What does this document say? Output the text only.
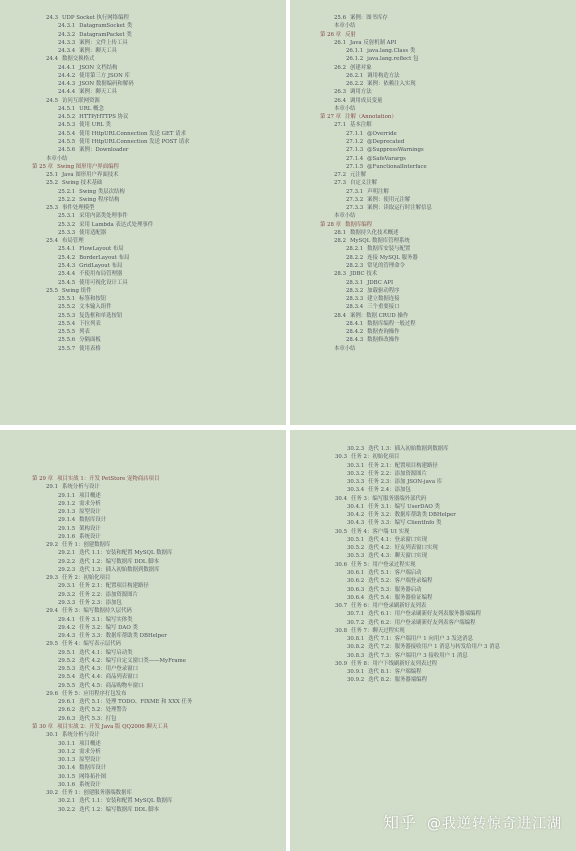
24.3 UDP Socket 执行网络编程
24.3.1 DatagramSocket 类
24.3.2 DatagramPacket 类
24.3.3 案例：文件上传工具
24.3.4 案例：聊天工具
24.4 数据交换格式
24.4.1 JSON 文档结构
24.4.2 使用第三方 JSON 库
24.4.3 JSON 数据编码和解码
24.4.4 案例：聊天工具
24.5 访问互联网资源
24.5.1 URL 概念
24.5.2 HTTP/HTTPS 协议
24.5.3 使用 URL 类
24.5.4 使用 HttpURLConnection 发送 GET 请求
24.5.5 使用 HttpURLConnection 发送 POST 请求
24.5.6 案例：Downloader
本章小结
第 25 章 Swing 图形用户界面编程
25.1 Java 图形用户界面技术
25.2 Swing 技术基础
25.2.1 Swing 类层次结构
25.2.2 Swing 程序结构
25.3 事件处理模型
25.3.1 采用内部类处理事件
25.3.2 采用 Lambda 表达式处理事件
25.3.3 使用适配器
25.4 布局管理
25.4.1 FlowLayout 布局
25.4.2 BorderLayout 布局
25.4.3 GridLayout 布局
25.4.4 不使用布局管理器
25.4.5 使用可视化设计工具
25.5 Swing 组件
25.5.1 标签和按钮
25.5.2 文本输入组件
25.5.3 复选框和单选按钮
25.5.4 下拉列表
25.5.5 列表
25.5.6 分隔面板
25.5.7 使用表格
25.6 案例：图书库存
本章小结
第 26 章 反射
26.1 Java 反射机制 API
26.1.1 java.lang.Class 类
26.1.2 java.lang.reflect 包
26.2 创建对象
26.2.1 调用构造方法
26.2.2 案例：依赖注入实现
26.3 调用方法
26.4 调用成员变量
本章小结
第 27 章 注解（Annotation）
27.1 基本注解
27.1.1 @Override
27.1.2 @Deprecated
27.1.3 @SuppressWarnings
27.1.4 @SafeVarargs
27.1.5 @FunctionalInterface
27.2 元注解
27.3 自定义注解
27.3.1 声明注解
27.3.2 案例：使用元注解
27.3.3 案例：读取运行时注解信息
本章小结
第 28 章 数据库编程
28.1 数据持久化技术概述
28.2 MySQL 数据库管理系统
28.2.1 数据库安装与配置
28.2.2 连接 MySQL 服务器
28.2.3 常见的管理命令
28.3 JDBC 技术
28.3.1 JDBC API
28.3.2 加载驱动程序
28.3.3 建立数据连接
28.3.4 三个重要接口
28.4 案例：数据 CRUD 操作
28.4.1 数据库编程一般过程
28.4.2 数据查询操作
28.4.3 数据修改操作
本章小结
第 29 章 项目实战 1：开发 PetStore 宠物商店项目
29.1 系统分析与设计
29.1.1 项目概述
29.1.2 需求分析
29.1.3 原型设计
29.1.4 数据库设计
29.1.5 架构设计
29.1.6 系统设计
29.2 任务 1：创建数据库
29.2.1 迭代 1.1：安装和配置 MySQL 数据库
29.2.2 迭代 1.2：编写数据库 DDL 脚本
29.2.3 迭代 1.3：插入初始数据到数据库
29.3 任务 2：初始化项目
29.3.1 任务 2.1：配置项目构建路径
29.3.2 任务 2.2：添加资源图片
29.3.3 任务 2.3：添加包
29.4 任务 3：编写数据持久层代码
29.4.1 任务 3.1：编写实体类
29.4.2 任务 3.2：编写 DAO 类
29.4.3 任务 3.3：数据库帮助类 DBHelper
29.5 任务 4：编写表示层代码
29.5.1 迭代 4.1：编写启动类
29.5.2 迭代 4.2：编写自定义窗口类——MyFrame
29.5.3 迭代 4.3：用户登录窗口
29.5.4 迭代 4.4：商品列表窗口
29.5.5 迭代 4.5：商品购物车窗口
29.6 任务 5：应用程序打包发布
29.6.1 迭代 5.1：处理 TODO、FIXME 和 XXX 任务
29.6.2 迭代 5.2：处理警告
29.6.3 迭代 5.3：打包
第 30 章 项目实战 2：开发 Java 版 QQ2006 聊天工具
30.1 系统分析与设计
30.1.1 项目概述
30.1.2 需求分析
30.1.3 原型设计
30.1.4 数据库设计
30.1.5 网络拓扑图
30.1.6 系统设计
30.2 任务 1：创建服务器端数据库
30.2.1 迭代 1.1：安装和配置 MySQL 数据库
30.2.2 迭代 1.2：编写数据库 DDL 脚本
30.2.3 迭代 1.3：插入初始数据到数据库
30.3 任务 2：初始化项目
30.3.1 任务 2.1：配置项目构建路径
30.3.2 任务 2.2：添加资源图片
30.3.3 任务 2.3：添加 JSON-java 库
30.3.4 任务 2.4：添加包
30.4 任务 3：编写服务器端外部代码
30.4.1 任务 3.1：编写 UserDAO 类
30.4.2 任务 3.2：数据库帮助类 DBHelper
30.4.3 任务 3.3：编写 ClientInfo 类
30.5 任务 4：客户端 UI 实现
30.5.1 迭代 4.1：登录窗口实现
30.5.2 迭代 4.2：好友列表窗口实现
30.5.3 迭代 4.3：聊天窗口实现
30.6 任务 5：用户登录过程实现
30.6.1 迭代 5.1：客户端启动
30.6.2 迭代 5.2：客户端登录编程
30.6.3 迭代 5.3：服务器启动
30.6.4 迭代 5.4：服务器验证编程
30.7 任务 6：用户登录刷新好友列表
30.7.1 迭代 6.1：用户登录刷新好友列表服务器端编程
30.7.2 迭代 6.2：用户登录刷新好友列表客户端编程
30.8 任务 7：聊天过程实现
30.8.1 迭代 7.1：客户端用户 1 向用户 3 发送消息
30.8.2 迭代 7.2：服务器接收用户 1 消息与转发给用户 3 消息
30.8.3 迭代 7.3：客户端用户 3 接收用户 1 消息
30.9 任务 8：用户下线刷新好友列表过程
30.9.1 迭代 8.1：客户端编程
30.9.2 迭代 8.2：服务器端编程
知乎 @我逆转惊奇进江湖
